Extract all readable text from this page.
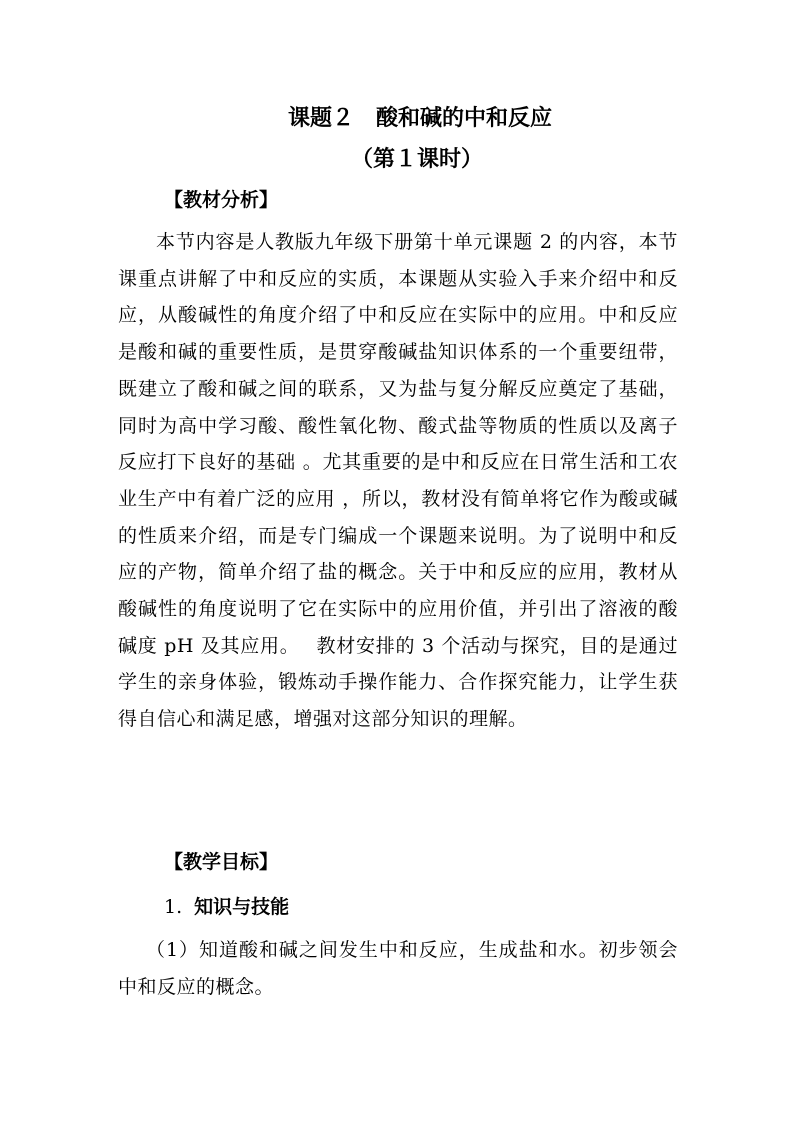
课题２　酸和碱的中和反应
（第１课时）
【教材分析】
本节内容是人教版九年级下册第十单元课题 2 的内容，本节课重点讲解了中和反应的实质，本课题从实验入手来介绍中和反应，从酸碱性的角度介绍了中和反应在实际中的应用。中和反应是酸和碱的重要性质，是贯穿酸碱盐知识体系的一个重要纽带，既建立了酸和碱之间的联系，又为盐与复分解反应奠定了基础，同时为高中学习酸、酸性氧化物、酸式盐等物质的性质以及离子反应打下良好的基础 。尤其重要的是中和反应在日常生活和工农业生产中有着广泛的应用 ，所以，教材没有简单将它作为酸或碱的性质来介绍，而是专门编成一个课题来说明。为了说明中和反应的产物，简单介绍了盐的概念。关于中和反应的应用，教材从酸碱性的角度说明了它在实际中的应用价值，并引出了溶液的酸碱度 pH 及其应用。　 教材安排的 3 个活动与探究，目的是通过学生的亲身体验，锻炼动手操作能力、合作探究能力，让学生获得自信心和满足感，增强对这部分知识的理解。
【教学目标】
1. 知识与技能
（1）知道酸和碱之间发生中和反应，生成盐和水。初步领会中和反应的概念。
